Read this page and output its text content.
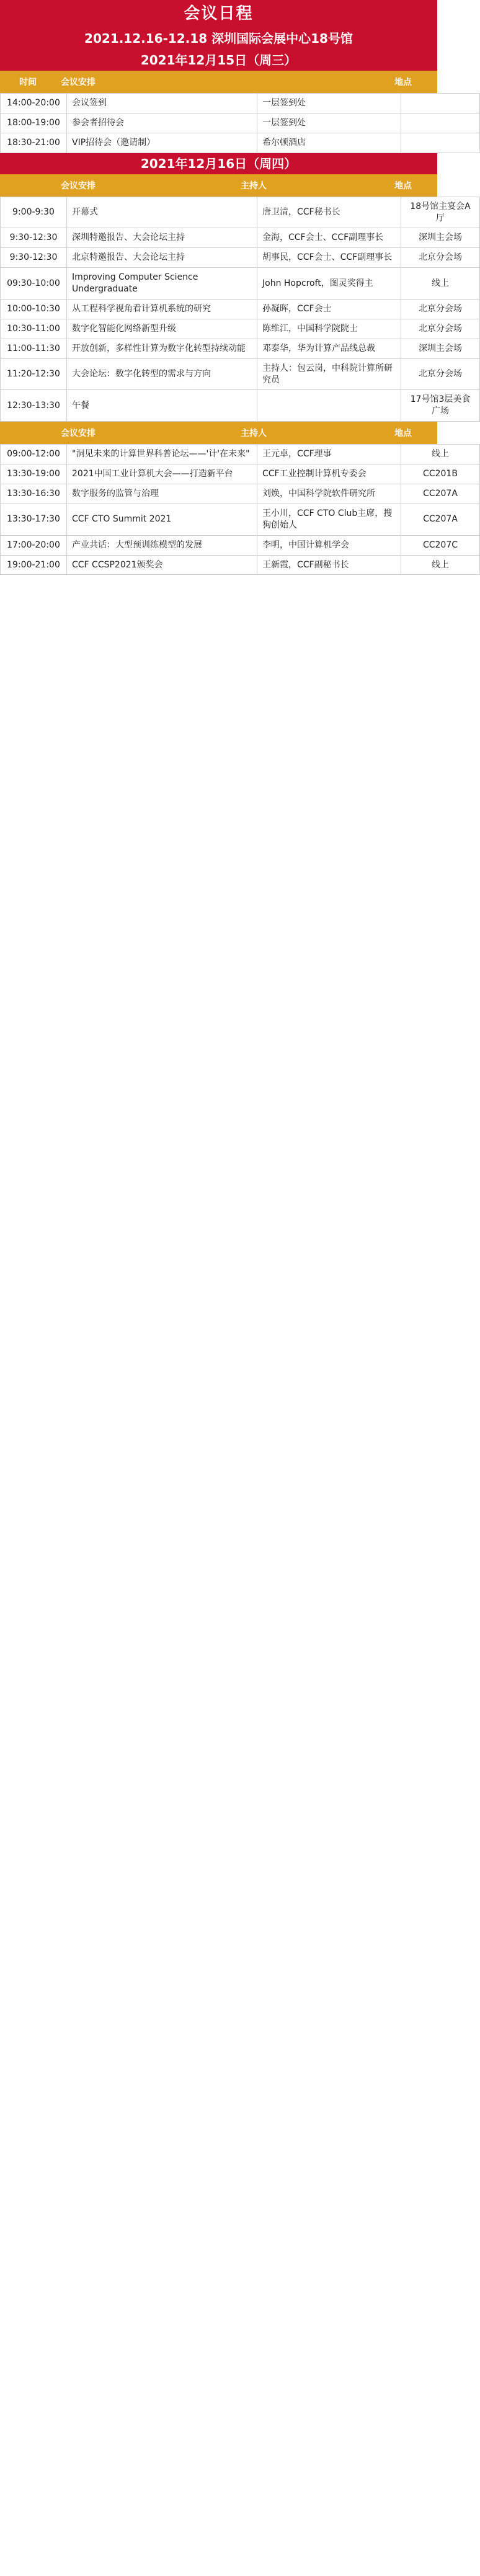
会议日程
2021.12.16-12.18 深圳国际会展中心18号馆
2021年12月15日（周三）
时间	会议安排	地点
14:00-20:00	会议签到	一层签到处	
18:00-19:00	参会者招待会	一层签到处	
18:30-21:00	VIP招待会（邀请制）	希尔顿酒店	
2021年12月16日（周四）
会议安排	主持人	地点
9:00-9:30	开幕式	唐卫清，CCF秘书长	18号馆主宴会A厅
9:30-12:30	深圳特邀报告、大会论坛主持	金海，CCF会士、CCF副理事长	深圳主会场
9:30-12:30	北京特邀报告、大会论坛主持	胡事民，CCF会士、CCF副理事长	北京分会场
09:30-10:00	Improving Computer Science Undergraduate	John Hopcroft，图灵奖得主	线上
10:00-10:30	从工程科学视角看计算机系统的研究	孙凝晖，CCF会士	北京分会场
10:30-11:00	数字化智能化网络新型升级	陈维江，中国科学院院士	北京分会场
11:00-11:30	开放创新，多样性计算为数字化转型持续动能	邓泰华，华为计算产品线总裁	深圳主会场
11:20-12:30	大会论坛：数字化转型的需求与方向	主持人：包云岗，中科院计算所研究员	北京分会场
12:30-13:30	午餐		17号馆3层美食广场
会议安排	主持人	地点
09:00-12:00	"洞见未来的计算世界科普论坛——'计'在未来"	王元卓，CCF理事	线上
13:30-19:00	2021中国工业计算机大会——打造新平台	CCF工业控制计算机专委会	CC201B
13:30-16:30	数字服务的监管与治理	刘焕，中国科学院软件研究所	CC207A
13:30-17:30	CCF CTO Summit 2021	王小川，CCF CTO Club主席，搜狗创始人	CC207A
17:00-20:00	产业共话：大型预训练模型的发展	李明，中国计算机学会	CC207C
19:00-21:00	CCF CCSP2021颁奖会	王新霞，CCF副秘书长	线上
